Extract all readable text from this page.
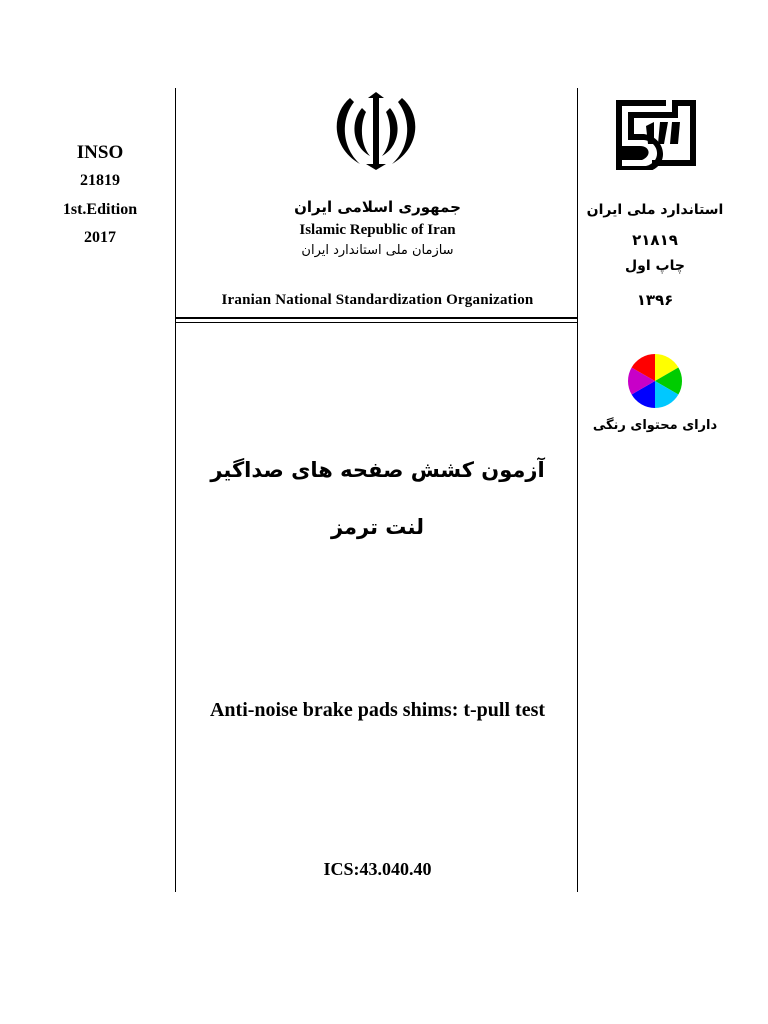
INSO
21819
1st.Edition
2017
جمهوری اسلامی ایران
Islamic Republic of Iran
سازمان ملی استاندارد ایران
Iranian National Standardization Organization
آزمون کشش صفحه های صداگیر
لنت ترمز
Anti-noise brake pads shims: t-pull test
ICS:43.040.40
استاندارد ملی ایران
۲۱۸۱۹
چاپ اول
۱۳۹۶
دارای محتوای رنگی
